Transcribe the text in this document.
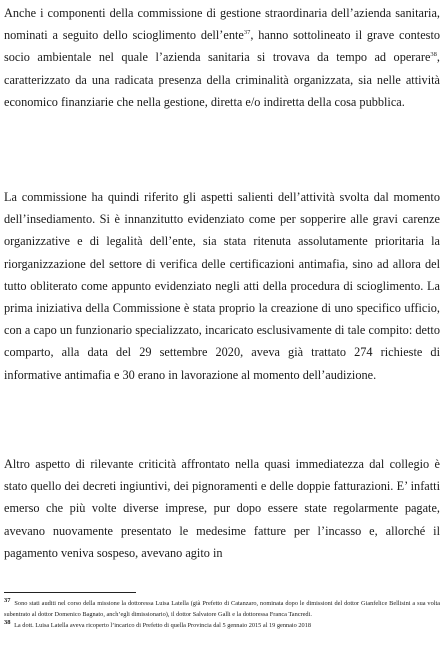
Anche i componenti della commissione di gestione straordinaria dell’azienda sanitaria, nominati a seguito dello scioglimento dell’ente$^{37}$, hanno sottolineato il grave contesto socio ambientale nel quale l’azienda sanitaria si trovava da tempo ad operare$^{38}$, caratterizzato da una radicata presenza della criminalità organizzata, sia nelle attività economico finanziarie che nella gestione, diretta e/o indiretta della cosa pubblica.

La commissione ha quindi riferito gli aspetti salienti dell’attività svolta dal momento dell’insediamento. Si è innanzitutto evidenziato come per sopperire alle gravi carenze organizzative e di legalità dell’ente, sia stata ritenuta assolutamente prioritaria la riorganizzazione del settore di verifica delle certificazioni antimafia, sino ad allora del tutto obliterato come appunto evidenziato negli atti della procedura di scioglimento. La prima iniziativa della Commissione è stata proprio la creazione di uno specifico ufficio, con a capo un funzionario specializzato, incaricato esclusivamente di tale compito: detto comparto, alla data del 29 settembre 2020, aveva già trattato 274 richieste di informative antimafia e 30 erano in lavorazione al momento dell’audizione.

Altro aspetto di rilevante criticità affrontato nella quasi immediatezza dal collegio è stato quello dei decreti ingiuntivi, dei pignoramenti e delle doppie fatturazioni. E’ infatti emerso che più volte diverse imprese, pur dopo essere state regolarmente pagate, avevano nuovamente presentato le medesime fatture per l’incasso e, allorché il pagamento veniva sospeso, avevano agito in

$^{37}$ Sono stati auditi nel corso della missione la dottoressa Luisa Latella (già Prefetto di Catanzaro, nominata dopo le dimissioni del dottor Gianfelice Bellisini a sua volta subentrato al dottor Domenico Bagnato, anch’egli dimissionario), il dottor Salvatore Galli e la dottoressa Franca Tancredi.

$^{38}$ La dott. Luisa Latella aveva ricoperto l’incarico di Prefetto di quella Provincia dal 5 gennaio 2015 al 19 gennaio 2018
